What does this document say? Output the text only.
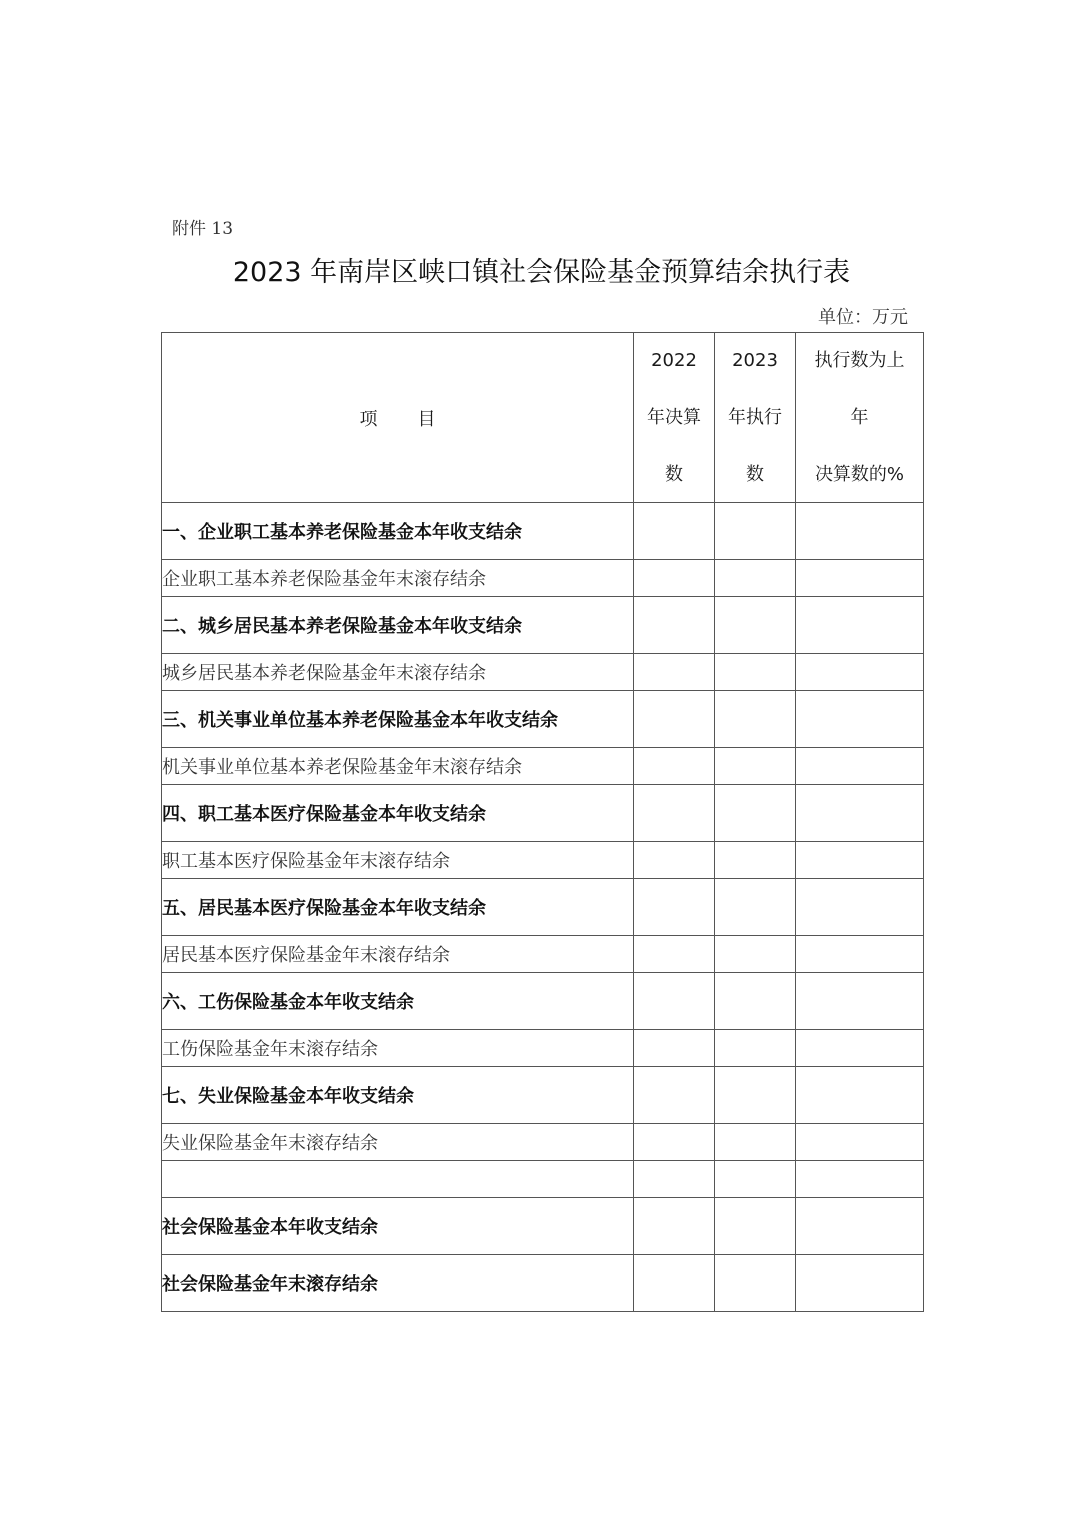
附件 13
2023 年南岸区峡口镇社会保险基金预算结余执行表
单位：万元
项 目	2022
年决算
数	2023
年执行
数	执行数为上
年
决算数的%

一、企业职工基本养老保险基金本年收支结余			
企业职工基本养老保险基金年末滚存结余			
二、城乡居民基本养老保险基金本年收支结余			
城乡居民基本养老保险基金年末滚存结余			
三、机关事业单位基本养老保险基金本年收支结余			
机关事业单位基本养老保险基金年末滚存结余			
四、职工基本医疗保险基金本年收支结余			
职工基本医疗保险基金年末滚存结余			
五、居民基本医疗保险基金本年收支结余			
居民基本医疗保险基金年末滚存结余			
六、工伤保险基金本年收支结余			
工伤保险基金年末滚存结余			
七、失业保险基金本年收支结余			
失业保险基金年末滚存结余			

社会保险基金本年收支结余			
社会保险基金年末滚存结余			
